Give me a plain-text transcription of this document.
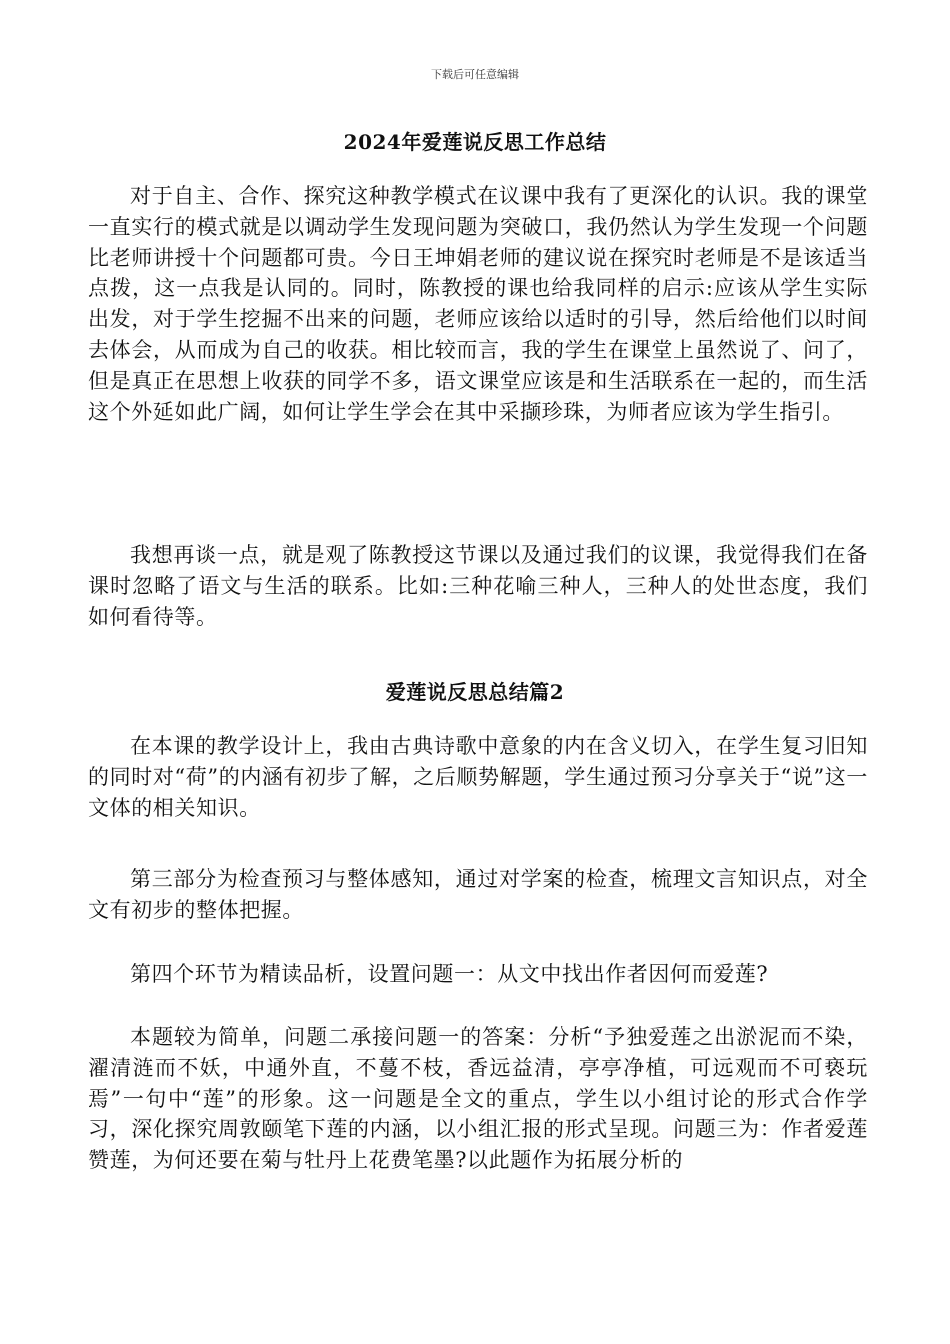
下载后可任意编辑
2024年爱莲说反思工作总结

对于自主、合作、探究这种教学模式在议课中我有了更深化的认识。我的课堂一直实行的模式就是以调动学生发现问题为突破口，我仍然认为学生发现一个问题比老师讲授十个问题都可贵。今日王坤娟老师的建议说在探究时老师是不是该适当点拨，这一点我是认同的。同时，陈教授的课也给我同样的启示:应该从学生实际出发，对于学生挖掘不出来的问题，老师应该给以适时的引导，然后给他们以时间去体会，从而成为自己的收获。相比较而言，我的学生在课堂上虽然说了、问了，但是真正在思想上收获的同学不多，语文课堂应该是和生活联系在一起的，而生活这个外延如此广阔，如何让学生学会在其中采撷珍珠，为师者应该为学生指引。

我想再谈一点，就是观了陈教授这节课以及通过我们的议课，我觉得我们在备课时忽略了语文与生活的联系。比如:三种花喻三种人，三种人的处世态度，我们如何看待等。

爱莲说反思总结篇2

在本课的教学设计上，我由古典诗歌中意象的内在含义切入，在学生复习旧知的同时对“荷”的内涵有初步了解，之后顺势解题，学生通过预习分享关于“说”这一文体的相关知识。

第三部分为检查预习与整体感知，通过对学案的检查，梳理文言知识点，对全文有初步的整体把握。

第四个环节为精读品析，设置问题一：从文中找出作者因何而爱莲?

本题较为简单，问题二承接问题一的答案：分析“予独爱莲之出淤泥而不染，濯清涟而不妖，中通外直，不蔓不枝，香远益清，亭亭净植，可远观而不可亵玩焉”一句中“莲”的形象。这一问题是全文的重点，学生以小组讨论的形式合作学习，深化探究周敦颐笔下莲的内涵，以小组汇报的形式呈现。问题三为：作者爱莲赞莲，为何还要在菊与牡丹上花费笔墨?以此题作为拓展分析的
